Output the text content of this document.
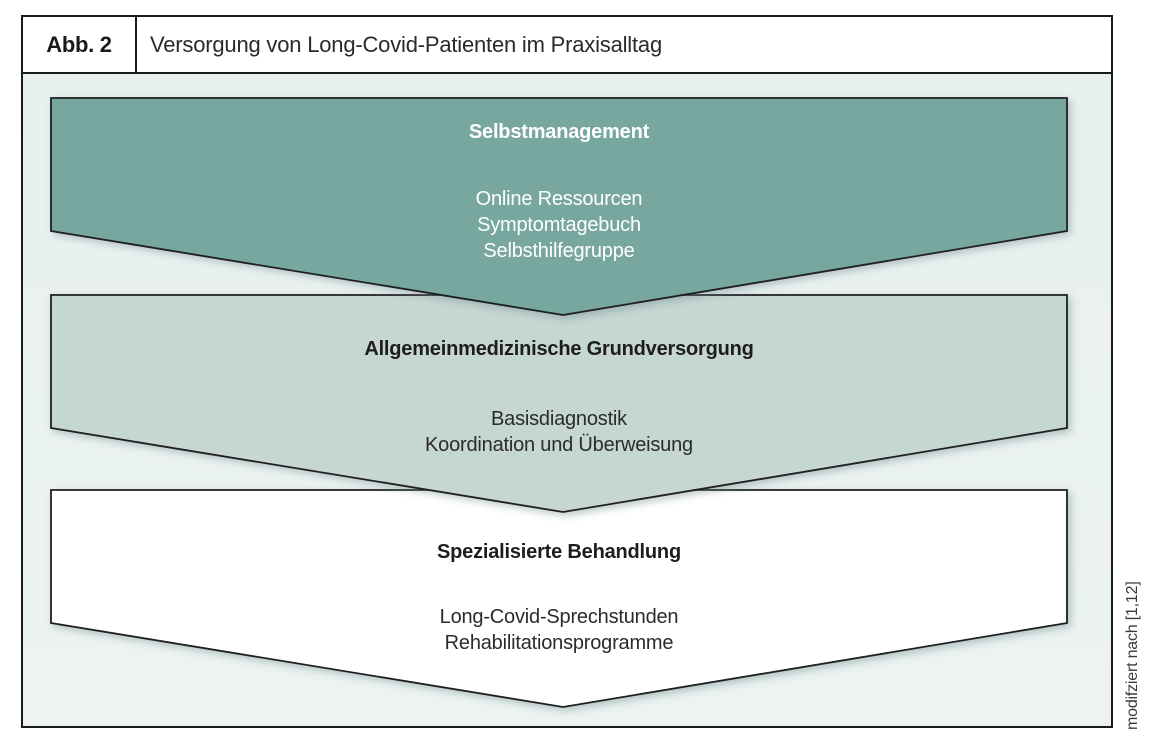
Abb. 2	Versorgung von Long-Covid-Patienten im Praxisalltag
Selbstmanagement
Online Ressourcen
Symptomtagebuch
Selbsthilfegruppe
Allgemeinmedizinische Grundversorgung
Basisdiagnostik
Koordination und Überweisung
Spezialisierte Behandlung
Long-Covid-Sprechstunden
Rehabilitationsprogramme	modifziert nach [1,12]
